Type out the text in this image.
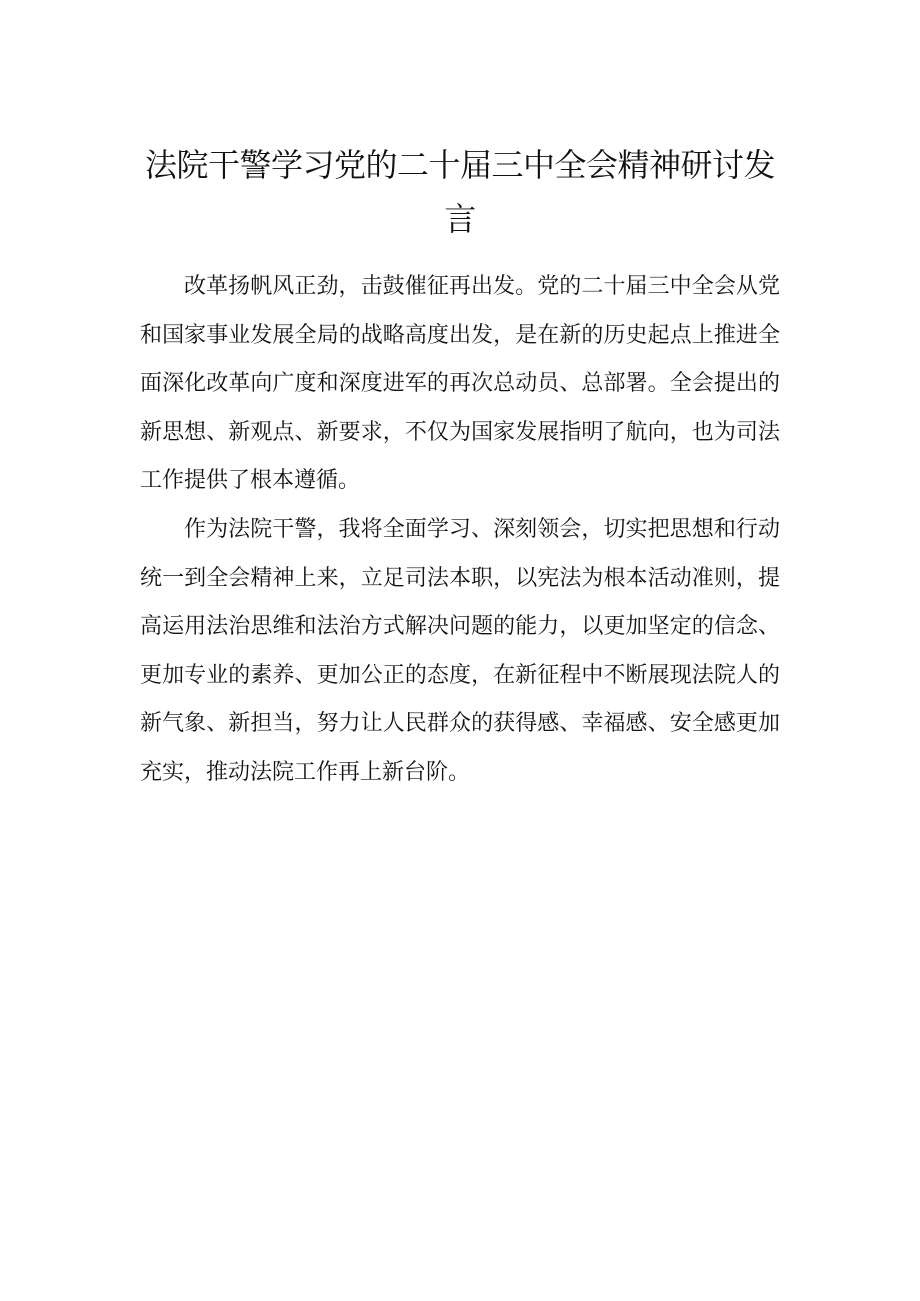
法院干警学习党的二十届三中全会精神研讨发言

改革扬帆风正劲，击鼓催征再出发。党的二十届三中全会从党和国家事业发展全局的战略高度出发，是在新的历史起点上推进全面深化改革向广度和深度进军的再次总动员、总部署。全会提出的新思想、新观点、新要求，不仅为国家发展指明了航向，也为司法工作提供了根本遵循。

作为法院干警，我将全面学习、深刻领会，切实把思想和行动统一到全会精神上来，立足司法本职，以宪法为根本活动准则，提高运用法治思维和法治方式解决问题的能力，以更加坚定的信念、更加专业的素养、更加公正的态度，在新征程中不断展现法院人的新气象、新担当，努力让人民群众的获得感、幸福感、安全感更加充实，推动法院工作再上新台阶。
